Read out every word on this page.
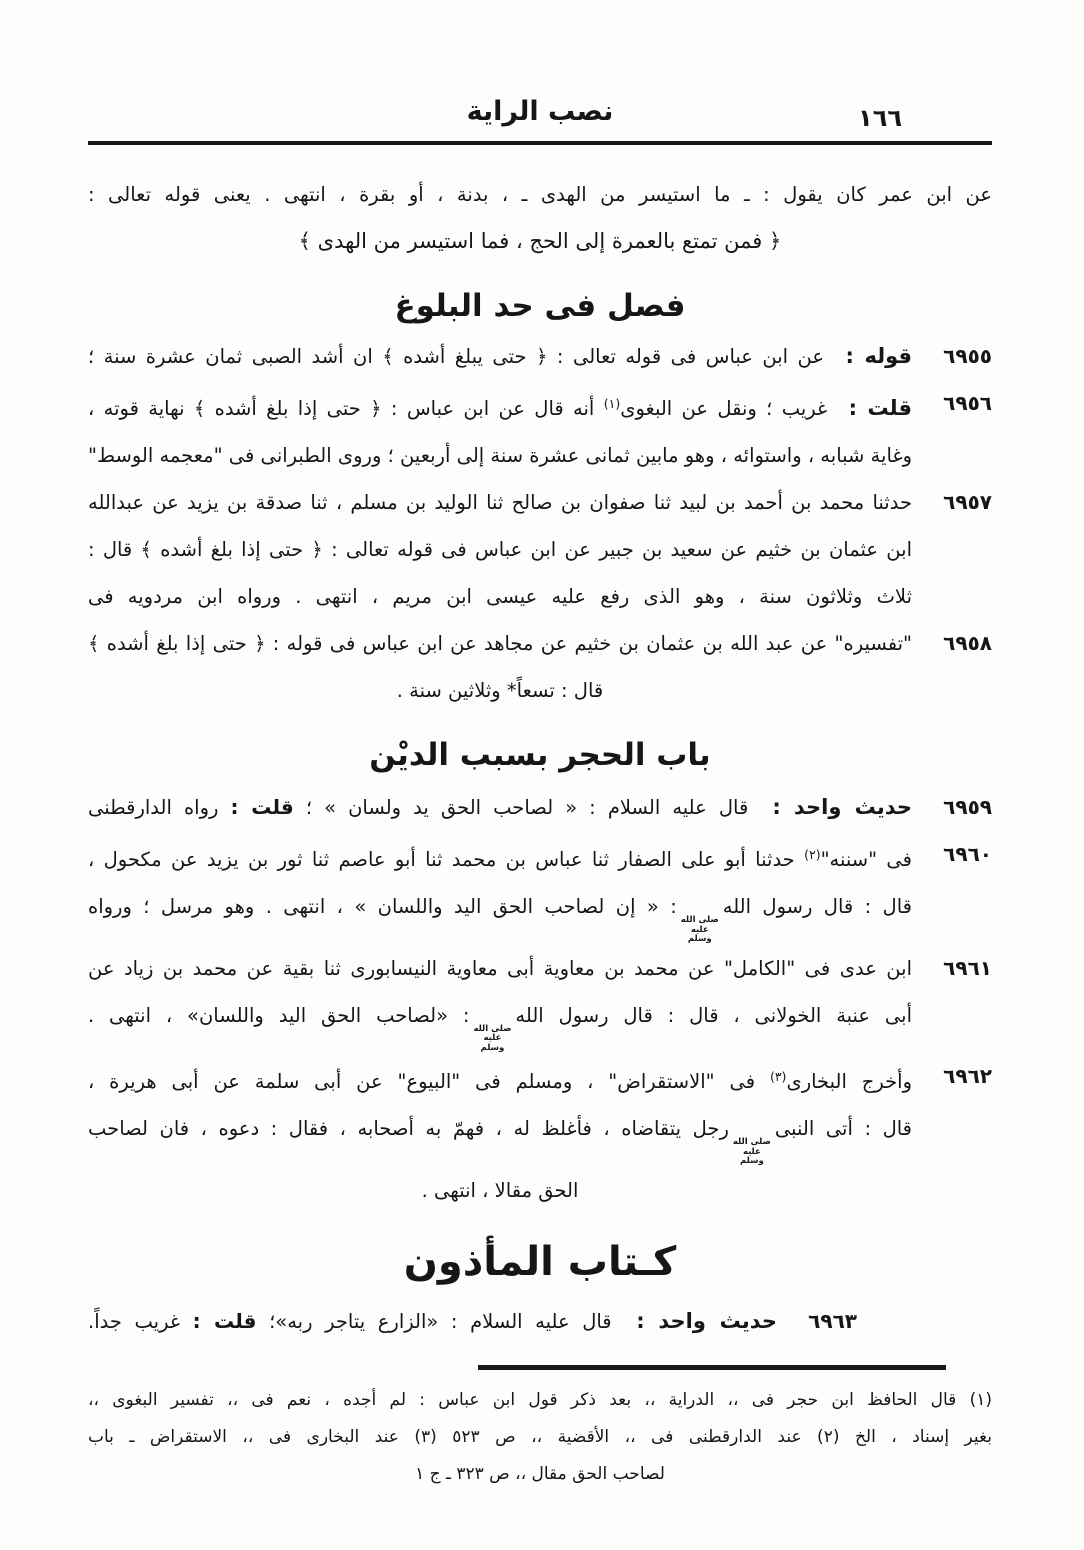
١٦٦
نصب الراية

عن ابن عمر كان يقول : ـ ما استيسر من الهدى ـ ، بدنة ، أو بقرة ، انتهى . يعنى قوله تعالى :

﴿ فمن تمتع بالعمرة إلى الحج ، فما استيسر من الهدى ﴾

فصل فى حد البلوغ
٦٩٥٥

قوله : عن ابن عباس فى قوله تعالى : ﴿ حتى يبلغ أشده ﴾ ان أشد الصبى ثمان عشرة سنة ؛

٦٩٥٦

قلت : غريب ؛ ونقل عن البغوى$^{(١)}$ أنه قال عن ابن عباس : ﴿ حتى إذا بلغ أشده ﴾ نهاية قوته ،

وغاية شبابه ، واستوائه ، وهو مابين ثمانى عشرة سنة إلى أربعين ؛ وروى الطبرانى فى "معجمه الوسط"

٦٩٥٧

حدثنا محمد بن أحمد بن لبيد ثنا صفوان بن صالح ثنا الوليد بن مسلم ، ثنا صدقة بن يزيد عن عبدالله

ابن عثمان بن خثيم عن سعيد بن جبير عن ابن عباس فى قوله تعالى : ﴿ حتى إذا بلغ أشده ﴾ قال :

ثلاث وثلاثون سنة ، وهو الذى رفع عليه عيسى ابن مريم ، انتهى . ورواه ابن مردويه فى

٦٩٥٨

"تفسيره" عن عبد الله بن عثمان بن خثيم عن مجاهد عن ابن عباس فى قوله : ﴿ حتى إذا بلغ أشده ﴾

قال : تسعاً* وثلاثين سنة .

باب الحجر بسبب الديْن
٦٩٥٩

حديث واحد : قال عليه السلام : « لصاحب الحق يد ولسان » ؛ قلت : رواه الدارقطنى

٦٩٦٠

فى "سننه"$^{(٢)}$ حدثنا أبو على الصفار ثنا عباس بن محمد ثنا أبو عاصم ثنا ثور بن يزيد عن مكحول ،

قال : قال رسول الله
صلى الله
عليه
وسلم
: « إن لصاحب الحق اليد واللسان » ، انتهى . وهو مرسل ؛ ورواه

٦٩٦١

ابن عدى فى "الكامل" عن محمد بن معاوية أبى معاوية النيسابورى ثنا بقية عن محمد بن زياد عن

أبى عنبة الخولانى ، قال : قال رسول الله
صلى الله
عليه
وسلم
: «لصاحب الحق اليد واللسان» ، انتهى .

٦٩٦٢

وأخرج البخارى$^{(٣)}$ فى "الاستقراض" ، ومسلم فى "البيوع" عن أبى سلمة عن أبى هريرة ،

قال : أتى النبى
صلى الله
عليه
وسلم
رجل يتقاضاه ، فأغلظ له ، فهمّ به أصحابه ، فقال : دعوه ، فان لصاحب

الحق مقالا ، انتهى .

كـتاب المأذون
٦٩٦٣

حديث واحد : قال عليه السلام : «الزارع يتاجر ربه»؛ قلت : غريب جداً.

(١) قال الحافظ ابن حجر فى ،، الدراية ،، بعد ذكر قول ابن عباس : لم أجده ، نعم فى ،، تفسير البغوى ،،

بغير إسناد ، الخ (٢) عند الدارقطنى فى ،، الأقضية ،، ص ٥٢٣ (٣) عند البخارى فى ،، الاستقراض ـ باب

لصاحب الحق مقال ،، ص ٣٢٣ ـ ج ١
